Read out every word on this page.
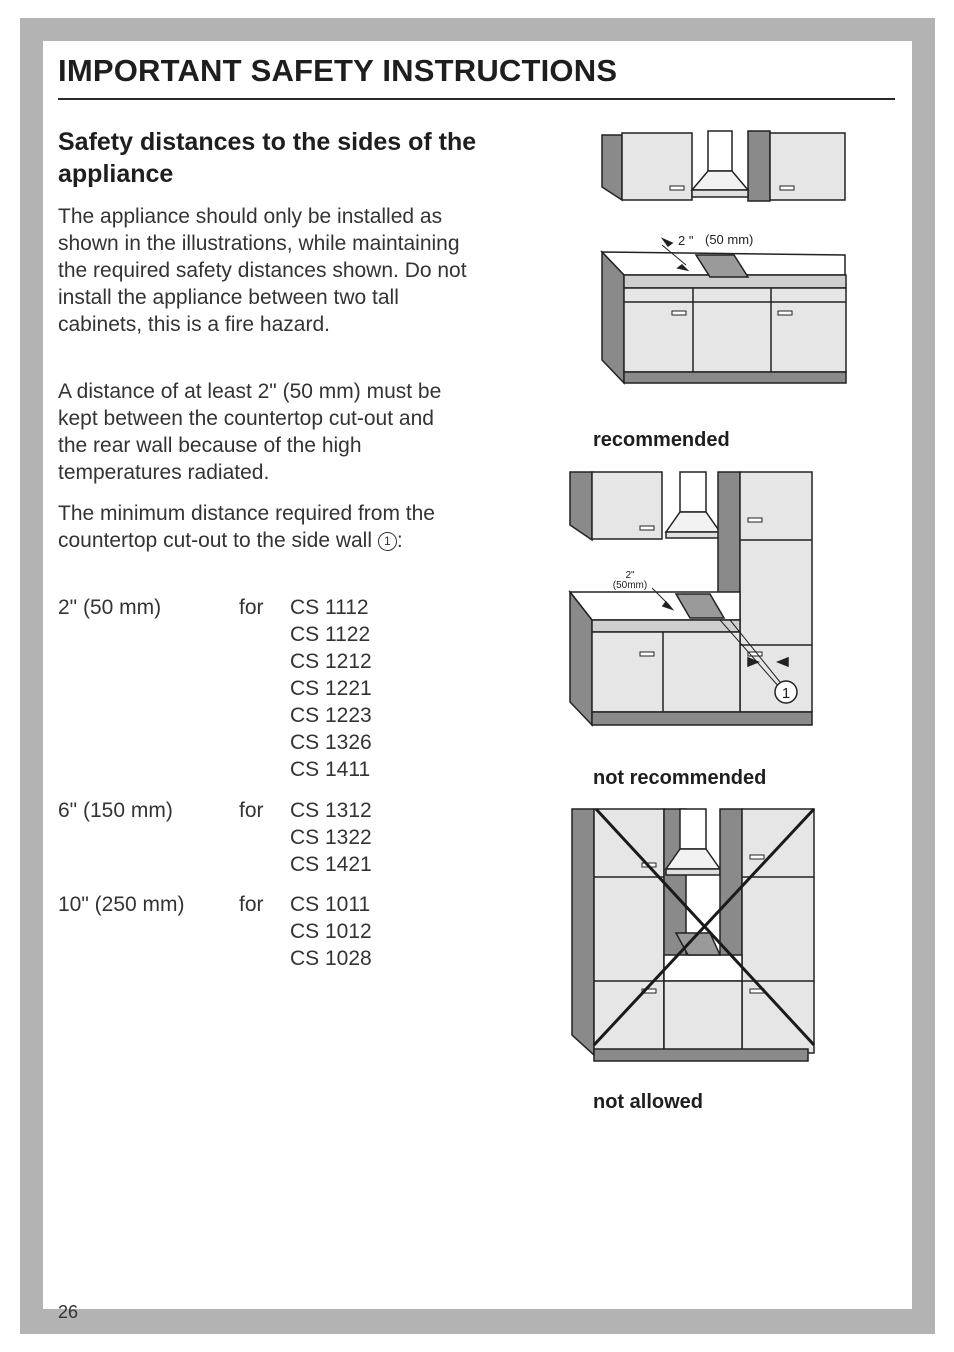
IMPORTANT SAFETY INSTRUCTIONS
Safety distances to the sides of the appliance

The appliance should only be installed as shown in the illustrations, while maintaining the required safety distances shown. Do not install the appliance between two tall cabinets, this is a fire hazard.

A distance of at least 2" (50 mm) must be kept between the countertop cut-out and the rear wall because of the high temperatures radiated.

The minimum distance required from the countertop cut-out to the side wall 1 :

2" (50 mm)	for CS 1112
CS 1122
CS 1212
CS 1221
CS 1223
CS 1326
CS 1411
6" (150 mm)	for CS 1312
CS 1322
CS 1421
10" (250 mm)	for CS 1011
CS 1012
CS 1028
2 " (50 mm)
recommended
1
2"
(50mm)
not recommended
not allowed
26
